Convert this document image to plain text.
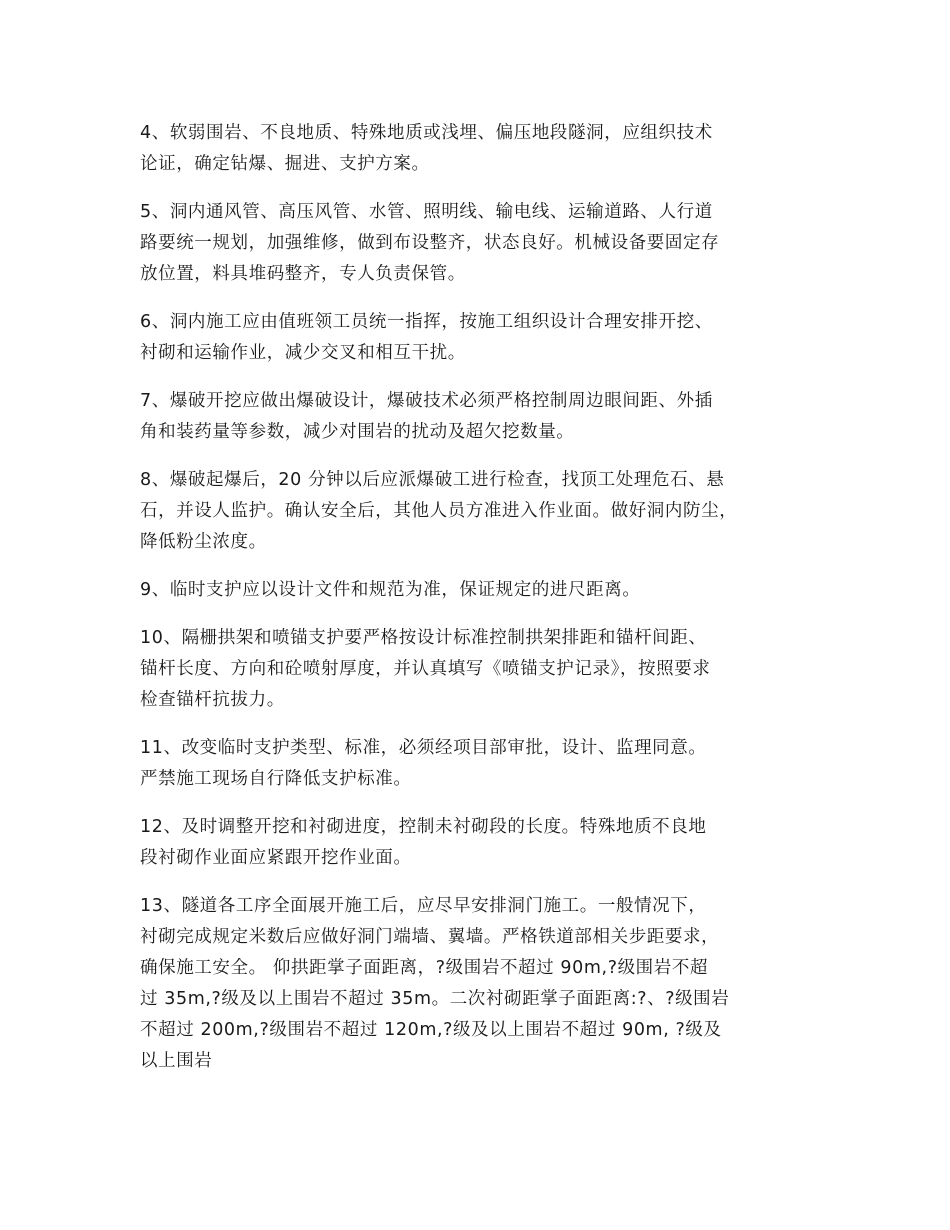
4、软弱围岩、不良地质、特殊地质或浅埋、偏压地段隧洞，应组织技术
论证，确定钻爆、掘进、支护方案。

5、洞内通风管、高压风管、水管、照明线、输电线、运输道路、人行道
路要统一规划，加强维修，做到布设整齐，状态良好。机械设备要固定存
放位置，料具堆码整齐，专人负责保管。

6、洞内施工应由值班领工员统一指挥，按施工组织设计合理安排开挖、
衬砌和运输作业，减少交叉和相互干扰。

7、爆破开挖应做出爆破设计，爆破技术必须严格控制周边眼间距、外插
角和装药量等参数，减少对围岩的扰动及超欠挖数量。

8、爆破起爆后，20 分钟以后应派爆破工进行检查，找顶工处理危石、悬
石，并设人监护。确认安全后，其他人员方准进入作业面。做好洞内防尘，
降低粉尘浓度。

9、临时支护应以设计文件和规范为准，保证规定的进尺距离。

10、隔栅拱架和喷锚支护要严格按设计标准控制拱架排距和锚杆间距、
锚杆长度、方向和砼喷射厚度，并认真填写《喷锚支护记录》，按照要求
检查锚杆抗拔力。

11、改变临时支护类型、标准，必须经项目部审批，设计、监理同意。
严禁施工现场自行降低支护标准。

12、及时调整开挖和衬砌进度，控制未衬砌段的长度。特殊地质不良地
段衬砌作业面应紧跟开挖作业面。

13、隧道各工序全面展开施工后，应尽早安排洞门施工。一般情况下，
衬砌完成规定米数后应做好洞门端墙、翼墙。严格铁道部相关步距要求，
确保施工安全。 仰拱距掌子面距离，?级围岩不超过 90m,?级围岩不超
过 35m,?级及以上围岩不超过 35m。二次衬砌距掌子面距离:?、?级围岩
不超过 200m,?级围岩不超过 120m,?级及以上围岩不超过 90m, ?级及
以上围岩
